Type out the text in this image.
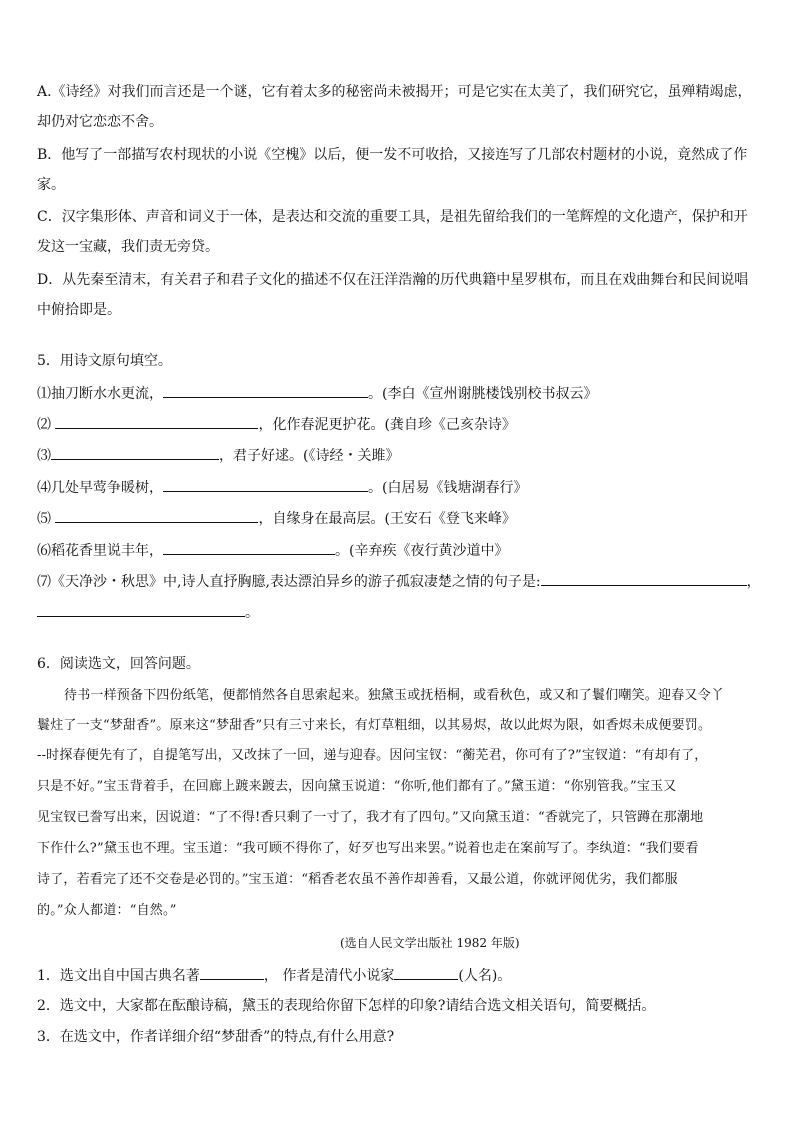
A.《诗经》对我们而言还是一个谜，它有着太多的秘密尚未被揭开；可是它实在太美了，我们研究它，虽殚精竭虑，
却仍对它恋恋不舍。
B．他写了一部描写农村现状的小说《空槐》以后，便一发不可收拾，又接连写了几部农村题材的小说，竟然成了作
家。
C．汉字集形体、声音和词义于一体，是表达和交流的重要工具，是祖先留给我们的一笔辉煌的文化遗产，保护和开
发这一宝藏，我们责无旁贷。
D．从先秦至清末，有关君子和君子文化的描述不仅在汪洋浩瀚的历代典籍中星罗棋布，而且在戏曲舞台和民间说唱
中俯拾即是。
5．用诗文原句填空。
⑴抽刀断水水更流，	。(李白《宣州谢朓楼饯别校书叔云》
⑵	，化作春泥更护花。(龚自珍《己亥杂诗》
⑶	，君子好逑。(《诗经・关雎》
⑷几处早莺争暖树，	。(白居易《钱塘湖春行》
⑸	，自缘身在最高层。(王安石《登飞来峰》
⑹稻花香里说丰年，	。(辛弃疾《夜行黄沙道中》
⑺《天净沙・秋思》中,诗人直抒胸臆,表达漂泊异乡的游子孤寂凄楚之情的句子是:	，
。
6．阅读选文，回答问题。
待书一样预备下四份纸笔，便都悄然各自思索起来。独黛玉或抚梧桐，或看秋色，或又和了鬟们嘲笑。迎春又令丫
鬟炷了一支“梦甜香”。原来这“梦甜香”只有三寸来长，有灯草粗细，以其易烬，故以此烬为限，如香烬未成便要罚。
--时探春便先有了，自提笔写出，又改抹了一回，递与迎春。因问宝钗：“蘅芜君，你可有了?”宝钗道：“有却有了，
只是不好。”宝玉背着手，在回廊上踱来踱去，因向黛玉说道：“你听,他们都有了。”黛玉道：“你别管我。”宝玉又
见宝钗已誊写出来，因说道：“了不得!香只剩了一寸了，我才有了四句。”又向黛玉道：“香就完了，只管蹲在那潮地
下作什么?”黛玉也不理。宝玉道：“我可顾不得你了，好歹也写出来罢。”说着也走在案前写了。李纨道：“我们要看
诗了，若看完了还不交卷是必罚的。”宝玉道：“稻香老农虽不善作却善看，又最公道，你就评阅优劣，我们都服
的。”众人都道：“自然。”
(选自人民文学出版社 1982 年版)
1．选文出自中国古典名著	， 作者是清代小说家	(人名)。
2．选文中，大家都在酝酿诗稿，黛玉的表现给你留下怎样的印象?请结合选文相关语句，简要概括。
3．在选文中，作者详细介绍“梦甜香”的特点,有什么用意?
